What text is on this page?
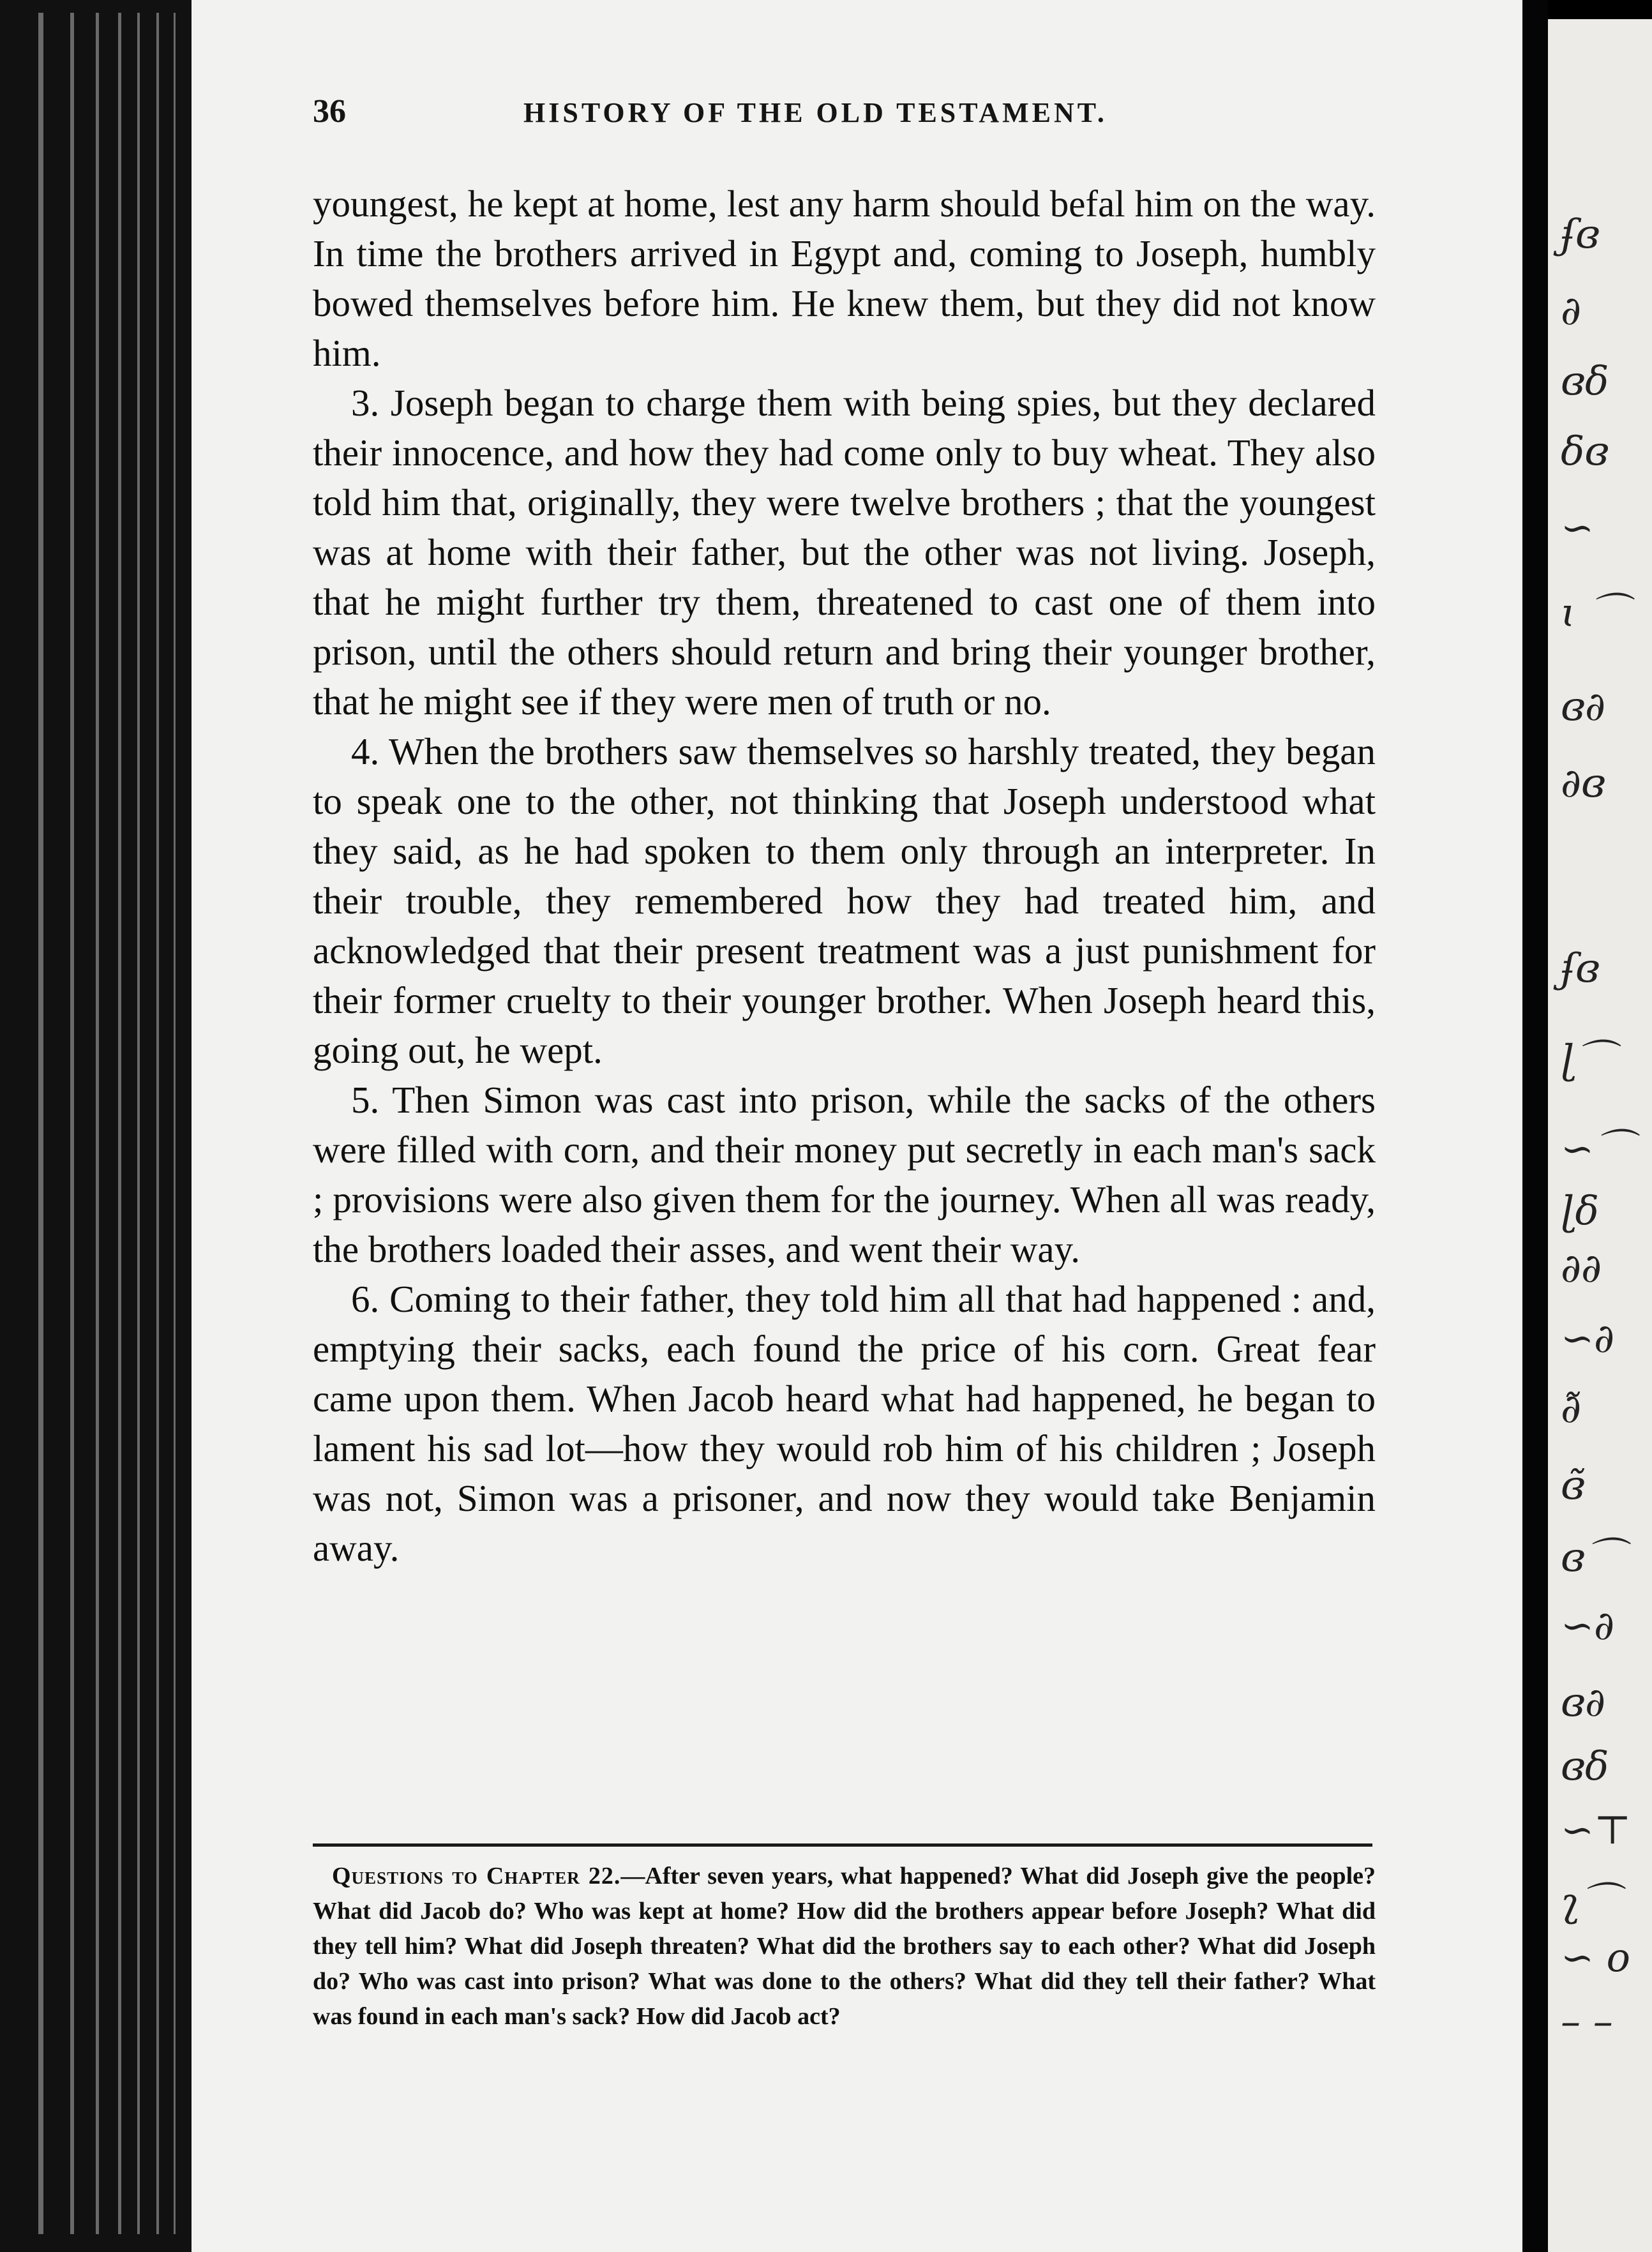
36	HISTORY OF THE OLD TESTAMENT.

youngest, he kept at home, lest any harm should befal him on the way. In time the brothers arrived in Egypt and, coming to Joseph, humbly bowed themselves before him. He knew them, but they did not know him.

3. Joseph began to charge them with being spies, but they declared their innocence, and how they had come only to buy wheat. They also told him that, originally, they were twelve brothers ; that the youngest was at home with their father, but the other was not living. Joseph, that he might further try them, threatened to cast one of them into prison, until the others should return and bring their younger brother, that he might see if they were men of truth or no.

4. When the brothers saw themselves so harshly treated, they began to speak one to the other, not thinking that Joseph understood what they said, as he had spoken to them only through an interpreter. In their trouble, they remembered how they had treated him, and acknowledged that their present treatment was a just punishment for their former cruelty to their younger brother. When Joseph heard this, going out, he wept.

5. Then Simon was cast into prison, while the sacks of the others were filled with corn, and their money put secretly in each man's sack ; provisions were also given them for the journey. When all was ready, the brothers loaded their asses, and went their way.

6. Coming to their father, they told him all that had happened : and, emptying their sacks, each found the price of his corn. Great fear came upon them. When Jacob heard what had happened, he began to lament his sad lot—how they would rob him of his children ; Joseph was not, Simon was a prisoner, and now they would take Benjamin away.

Questions to Chapter 22.—After seven years, what happened? What did Joseph give the people? What did Jacob do? Who was kept at home? How did the brothers appear before Joseph? What did they tell him? What did Joseph threaten? What did the brothers say to each other? What did Joseph do? Who was cast into prison? What was done to the others? What did they tell their father? What was found in each man's sack? How did Jacob act?
ʄɞ
∂
ɞδ
δɞ
∽
ɩ ⌒
ɞ∂
∂ɞ
ʄɞ
ɭ⌒
∽⌒
ɭδ
∂∂
∽∂
∂̃
ɞ̃
ɞ⌒
∽∂
ɞ∂
ɞδ
∽⊤
ʅ⌒
∽ ο
– –
